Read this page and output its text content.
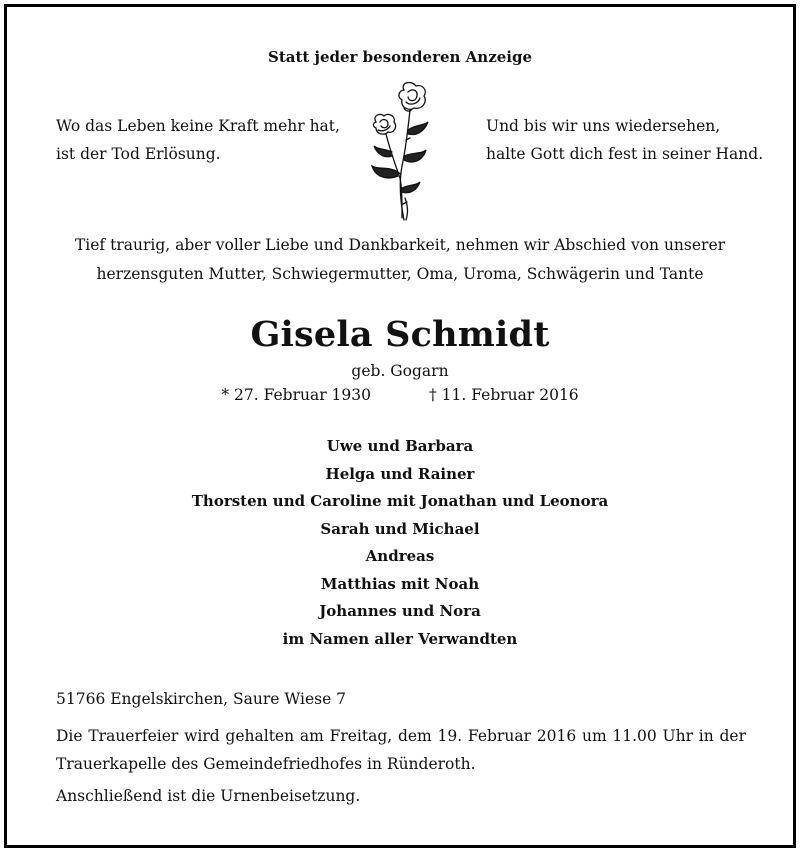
Statt jeder besonderen Anzeige
Wo das Leben keine Kraft mehr hat,
ist der Tod Erlösung.
Und bis wir uns wiedersehen,
halte Gott dich fest in seiner Hand.
Tief traurig, aber voller Liebe und Dankbarkeit, nehmen wir Abschied von unserer
herzensguten Mutter, Schwiegermutter, Oma, Uroma, Schwägerin und Tante
Gisela Schmidt
geb. Gogarn
* 27. Februar 1930	† 11. Februar 2016
Uwe und Barbara
Helga und Rainer
Thorsten und Caroline mit Jonathan und Leonora
Sarah und Michael
Andreas
Matthias mit Noah
Johannes und Nora
im Namen aller Verwandten
51766 Engelskirchen, Saure Wiese 7
Die Trauerfeier wird gehalten am Freitag, dem 19. Februar 2016 um 11.00 Uhr in der Trauerkapelle des Gemeindefriedhofes in Ründeroth.
Anschließend ist die Urnenbeisetzung.
